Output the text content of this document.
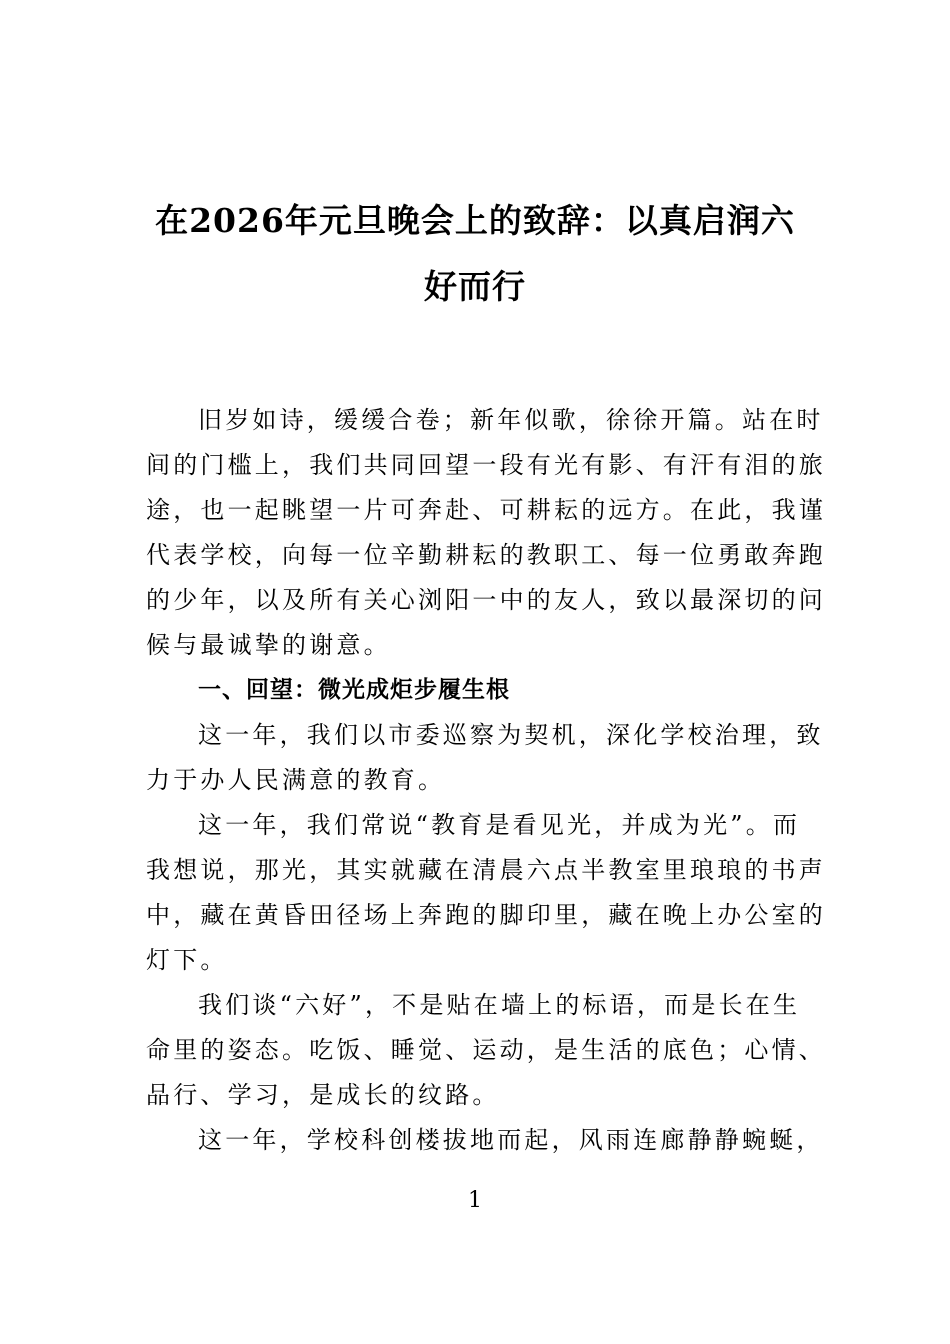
在2026年元旦晚会上的致辞：以真启润六
好而行
旧岁如诗，缓缓合卷；新年似歌，徐徐开篇。站在时
间的门槛上，我们共同回望一段有光有影、有汗有泪的旅
途，也一起眺望一片可奔赴、可耕耘的远方。在此，我谨
代表学校，向每一位辛勤耕耘的教职工、每一位勇敢奔跑
的少年，以及所有关心浏阳一中的友人，致以最深切的问
候与最诚挚的谢意。
一、回望：微光成炬步履生根
这一年，我们以市委巡察为契机，深化学校治理，致
力于办人民满意的教育。
这一年，我们常说“教育是看见光，并成为光”。而
我想说，那光，其实就藏在清晨六点半教室里琅琅的书声
中，藏在黄昏田径场上奔跑的脚印里，藏在晚上办公室的
灯下。
我们谈“六好”，不是贴在墙上的标语，而是长在生
命里的姿态。吃饭、睡觉、运动，是生活的底色；心情、
品行、学习，是成长的纹路。
这一年，学校科创楼拔地而起，风雨连廊静静蜿蜒，
1
